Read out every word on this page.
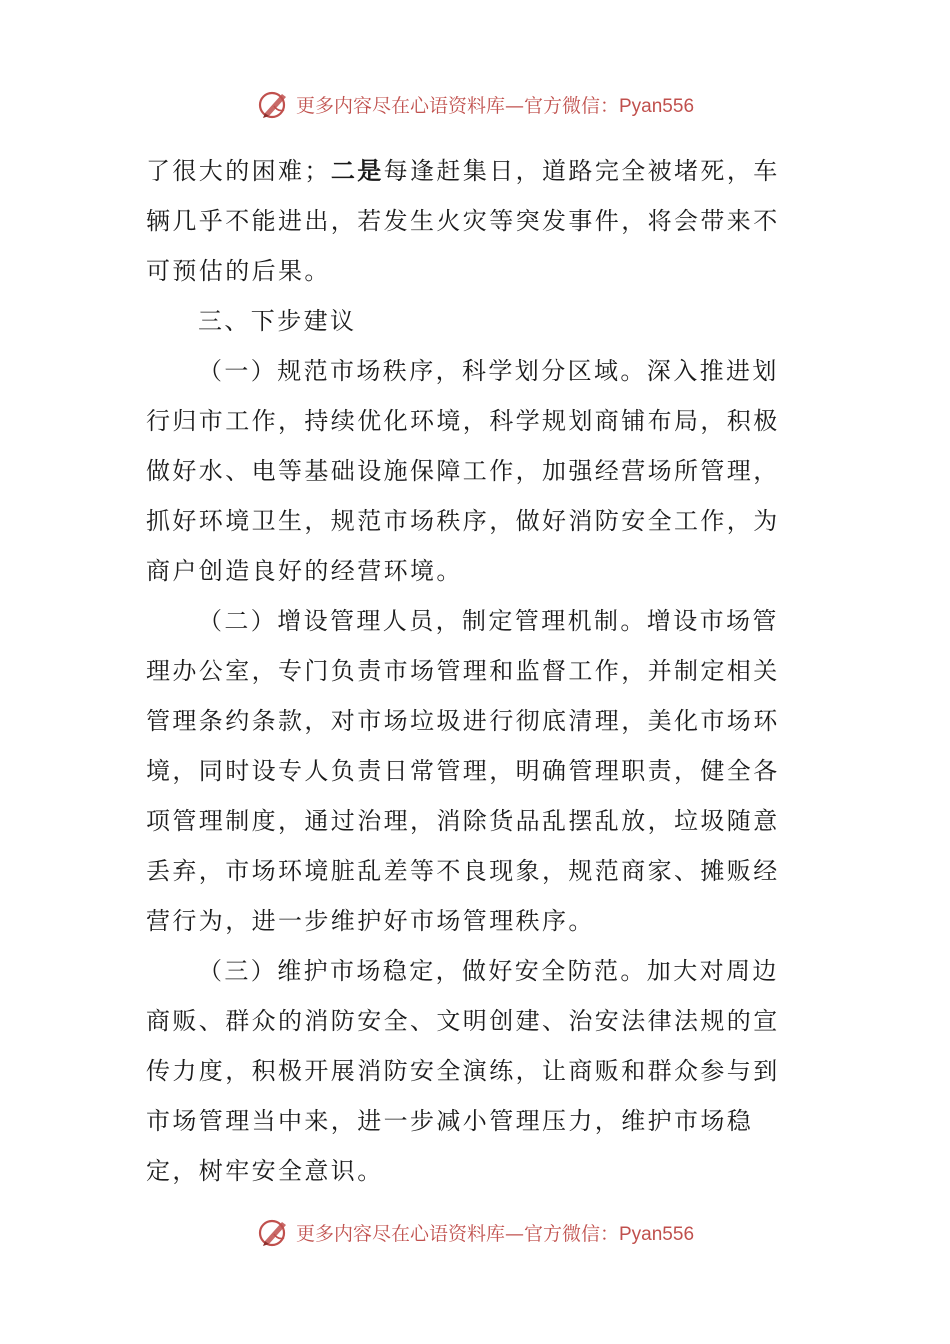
更多内容尽在心语资料库—官方微信：Pyan556

了很大的困难；二是每逢赶集日，道路完全被堵死，车辆几乎不能进出，若发生火灾等突发事件，将会带来不可预估的后果。

三、下步建议

（一）规范市场秩序，科学划分区域。深入推进划行归市工作，持续优化环境，科学规划商铺布局，积极做好水、电等基础设施保障工作，加强经营场所管理，抓好环境卫生，规范市场秩序，做好消防安全工作，为商户创造良好的经营环境。

（二）增设管理人员，制定管理机制。增设市场管理办公室，专门负责市场管理和监督工作，并制定相关管理条约条款，对市场垃圾进行彻底清理，美化市场环境，同时设专人负责日常管理，明确管理职责，健全各项管理制度，通过治理，消除货品乱摆乱放，垃圾随意丢弃，市场环境脏乱差等不良现象，规范商家、摊贩经营行为，进一步维护好市场管理秩序。

（三）维护市场稳定，做好安全防范。加大对周边商贩、群众的消防安全、文明创建、治安法律法规的宣传力度，积极开展消防安全演练，让商贩和群众参与到市场管理当中来，进一步减小管理压力，维护市场稳定，树牢安全意识。

更多内容尽在心语资料库—官方微信：Pyan556
